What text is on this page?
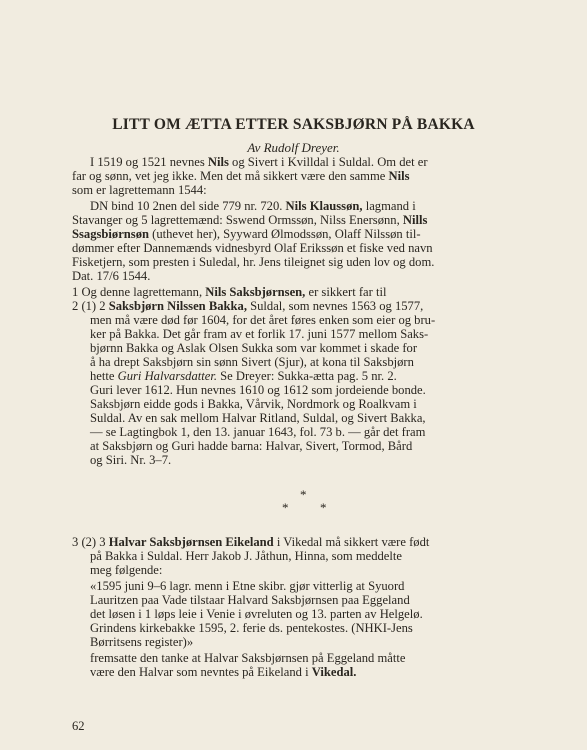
LITT OM ÆTTA ETTER SAKSBJØRN PÅ BAKKA
Av Rudolf Dreyer.
I 1519 og 1521 nevnes Nils og Sivert i Kvilldal i Suldal. Om det er
far og sønn, vet jeg ikke. Men det må sikkert være den samme Nils
som er lagrettemann 1544:
DN bind 10 2nen del side 779 nr. 720. Nils Klaussøn, lagmand i
Stavanger og 5 lagrettemænd: Sswend Ormssøn, Nilss Enersønn, Nills
Ssagsbiørnsøn (uthevet her), Syyward Ølmodssøn, Olaff Nilssøn til-
dømmer efter Dannemænds vidnesbyrd Olaf Erikssøn et fiske ved navn
Fisketjern, som presten i Suledal, hr. Jens tileignet sig uden lov og dom.
Dat. 17/6 1544.
1 Og denne lagrettemann, Nils Saksbjørnsen, er sikkert far til
2 (1) 2 Saksbjørn Nilssen Bakka, Suldal, som nevnes 1563 og 1577,
men må være død før 1604, for det året føres enken som eier og bru-
ker på Bakka. Det går fram av et forlik 17. juni 1577 mellom Saks-
bjørnn Bakka og Aslak Olsen Sukka som var kommet i skade for
å ha drept Saksbjørn sin sønn Sivert (Sjur), at kona til Saksbjørn
hette Guri Halvarsdatter. Se Dreyer: Sukka-ætta pag. 5 nr. 2.
Guri lever 1612. Hun nevnes 1610 og 1612 som jordeiende bonde.
Saksbjørn eidde gods i Bakka, Vårvik, Nordmork og Roalkvam i
Suldal. Av en sak mellom Halvar Ritland, Suldal, og Sivert Bakka,
— se Lagtingbok 1, den 13. januar 1643, fol. 73 b. — går det fram
at Saksbjørn og Guri hadde barna: Halvar, Sivert, Tormod, Bård
og Siri. Nr. 3–7.
*
* *
3 (2) 3 Halvar Saksbjørnsen Eikeland i Vikedal må sikkert være født
på Bakka i Suldal. Herr Jakob J. Jåthun, Hinna, som meddelte
meg følgende:
«1595 juni 9–6 lagr. menn i Etne skibr. gjør vitterlig at Syuord
Lauritzen paa Vade tilstaar Halvard Saksbjørnsen paa Eggeland
det løsen i 1 løps leie i Venie i øvreluten og 13. parten av Helgelø.
Grindens kirkebakke 1595, 2. ferie ds. pentekostes. (NHKI-Jens
Børritsens register)»
fremsatte den tanke at Halvar Saksbjørnsen på Eggeland måtte
være den Halvar som nevntes på Eikeland i Vikedal.
62
